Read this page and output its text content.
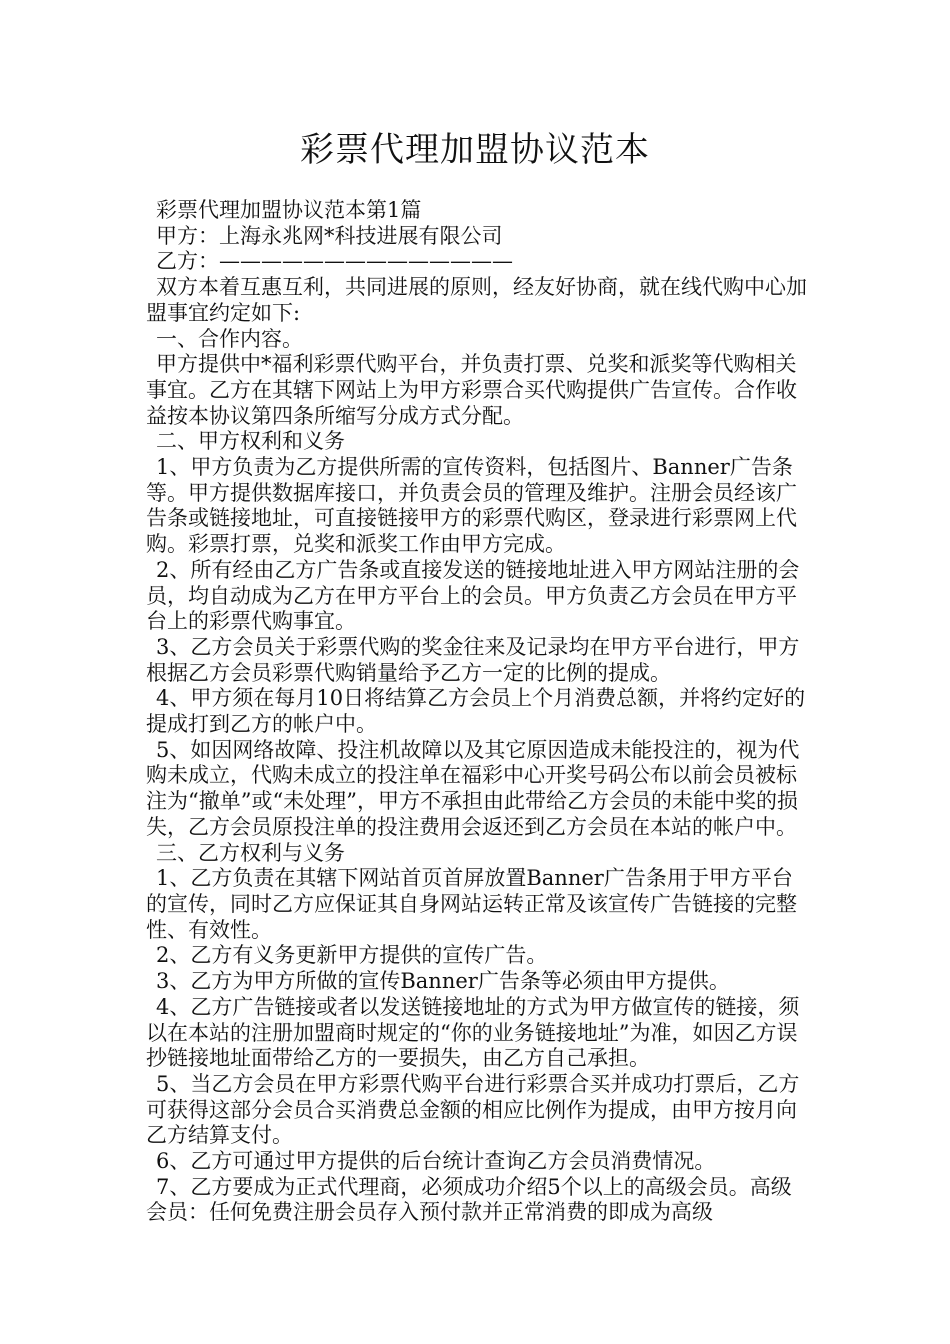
彩票代理加盟协议范本

彩票代理加盟协议范本第1篇

甲方：上海永兆网*科技进展有限公司

乙方：——————————————

双方本着互惠互利，共同进展的原则，经友好协商，就在线代购中心加盟事宜约定如下:

一、合作内容。

甲方提供中*福利彩票代购平台，并负责打票、兑奖和派奖等代购相关事宜。乙方在其辖下网站上为甲方彩票合买代购提供广告宣传。合作收益按本协议第四条所缩写分成方式分配。

二、甲方权利和义务

1、甲方负责为乙方提供所需的宣传资料，包括图片、Banner广告条等。甲方提供数据库接口，并负责会员的管理及维护。注册会员经该广告条或链接地址，可直接链接甲方的彩票代购区，登录进行彩票网上代购。彩票打票，兑奖和派奖工作由甲方完成。

2、所有经由乙方广告条或直接发送的链接地址进入甲方网站注册的会员，均自动成为乙方在甲方平台上的会员。甲方负责乙方会员在甲方平台上的彩票代购事宜。

3、乙方会员关于彩票代购的奖金往来及记录均在甲方平台进行，甲方根据乙方会员彩票代购销量给予乙方一定的比例的提成。

4、甲方须在每月10日将结算乙方会员上个月消费总额，并将约定好的提成打到乙方的帐户中。

5、如因网络故障、投注机故障以及其它原因造成未能投注的，视为代购未成立，代购未成立的投注单在福彩中心开奖号码公布以前会员被标注为“撤单”或“未处理”，甲方不承担由此带给乙方会员的未能中奖的损失，乙方会员原投注单的投注费用会返还到乙方会员在本站的帐户中。

三、乙方权利与义务

1、乙方负责在其辖下网站首页首屏放置Banner广告条用于甲方平台的宣传，同时乙方应保证其自身网站运转正常及该宣传广告链接的完整性、有效性。

2、乙方有义务更新甲方提供的宣传广告。

3、乙方为甲方所做的宣传Banner广告条等必须由甲方提供。

4、乙方广告链接或者以发送链接地址的方式为甲方做宣传的链接，须以在本站的注册加盟商时规定的“你的业务链接地址”为准，如因乙方误抄链接地址面带给乙方的一要损失，由乙方自己承担。

5、当乙方会员在甲方彩票代购平台进行彩票合买并成功打票后，乙方可获得这部分会员合买消费总金额的相应比例作为提成，由甲方按月向乙方结算支付。

6、乙方可通过甲方提供的后台统计查询乙方会员消费情况。

7、乙方要成为正式代理商，必须成功介绍5个以上的高级会员。高级会员：任何免费注册会员存入预付款并正常消费的即成为高级
